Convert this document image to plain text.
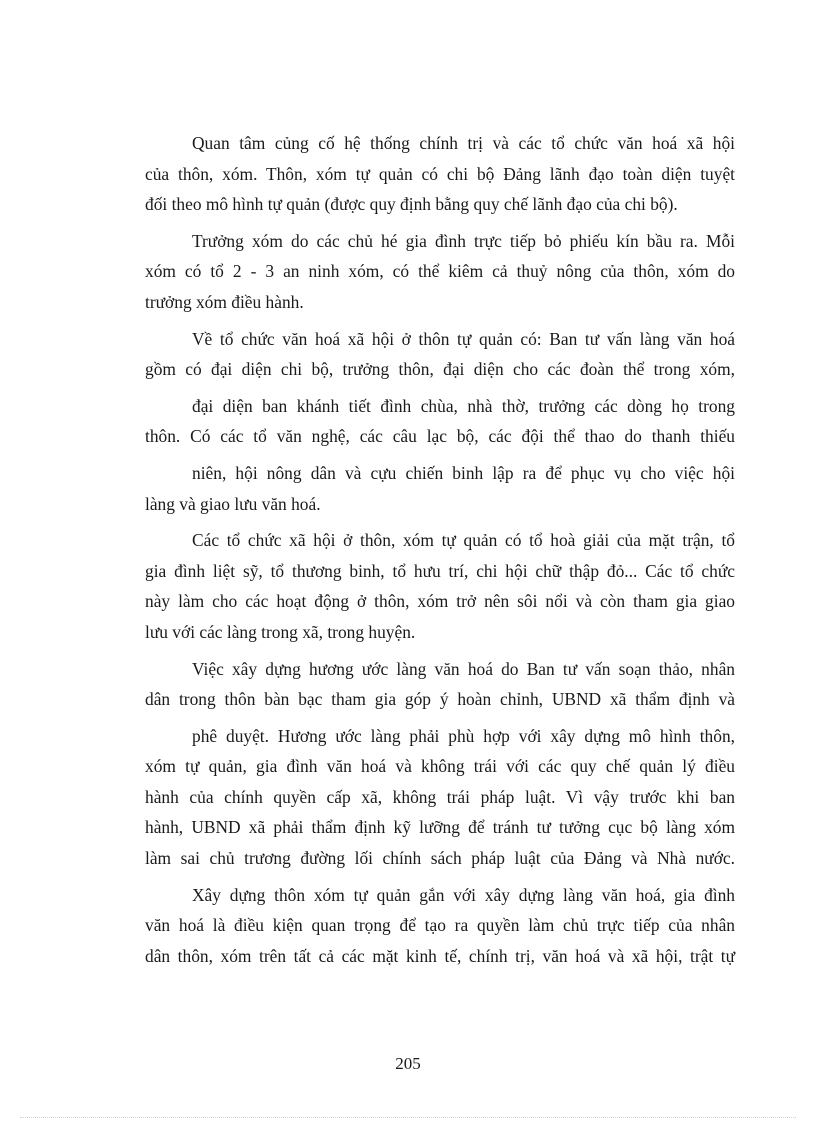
Quan tâm củng cố hệ thống chính trị và các tổ chức văn hoá xã hội
của thôn, xóm. Thôn, xóm tự quản có chi bộ Đảng lãnh đạo toàn diện tuyệt
đối theo mô hình tự quản (được quy định bằng quy chế lãnh đạo của chi bộ).

Trưởng xóm do các chủ hé gia đình trực tiếp bỏ phiếu kín bầu ra. Mỗi
xóm có tổ 2 - 3 an ninh xóm, có thể kiêm cả thuỷ nông của thôn, xóm do
trưởng xóm điều hành.

Về tổ chức văn hoá xã hội ở thôn tự quản có: Ban tư vấn làng văn hoá
gồm có đại diện chi bộ, trưởng thôn, đại diện cho các đoàn thể trong xóm,

đại diện ban khánh tiết đình chùa, nhà thờ, trưởng các dòng họ trong
thôn. Có các tổ văn nghệ, các câu lạc bộ, các đội thể thao do thanh thiếu

niên, hội nông dân và cựu chiến binh lập ra để phục vụ cho việc hội
làng và giao lưu văn hoá.

Các tổ chức xã hội ở thôn, xóm tự quản có tổ hoà giải của mặt trận, tổ
gia đình liệt sỹ, tổ thương binh, tổ hưu trí, chi hội chữ thập đỏ... Các tổ chức
này làm cho các hoạt động ở thôn, xóm trở nên sôi nổi và còn tham gia giao
lưu với các làng trong xã, trong huyện.

Việc xây dựng hương ước làng văn hoá do Ban tư vấn soạn thảo, nhân
dân trong thôn bàn bạc tham gia góp ý hoàn chỉnh, UBND xã thẩm định và

phê duyệt. Hương ước làng phải phù hợp với xây dựng mô hình thôn,
xóm tự quản, gia đình văn hoá và không trái với các quy chế quản lý điều
hành của chính quyền cấp xã, không trái pháp luật. Vì vậy trước khi ban
hành, UBND xã phải thẩm định kỹ lưỡng để tránh tư tưởng cục bộ làng xóm
làm sai chủ trương đường lối chính sách pháp luật của Đảng và Nhà nước.

Xây dựng thôn xóm tự quản gắn với xây dựng làng văn hoá, gia đình
văn hoá là điều kiện quan trọng để tạo ra quyền làm chủ trực tiếp của nhân
dân thôn, xóm trên tất cả các mặt kinh tế, chính trị, văn hoá và xã hội, trật tự

205
